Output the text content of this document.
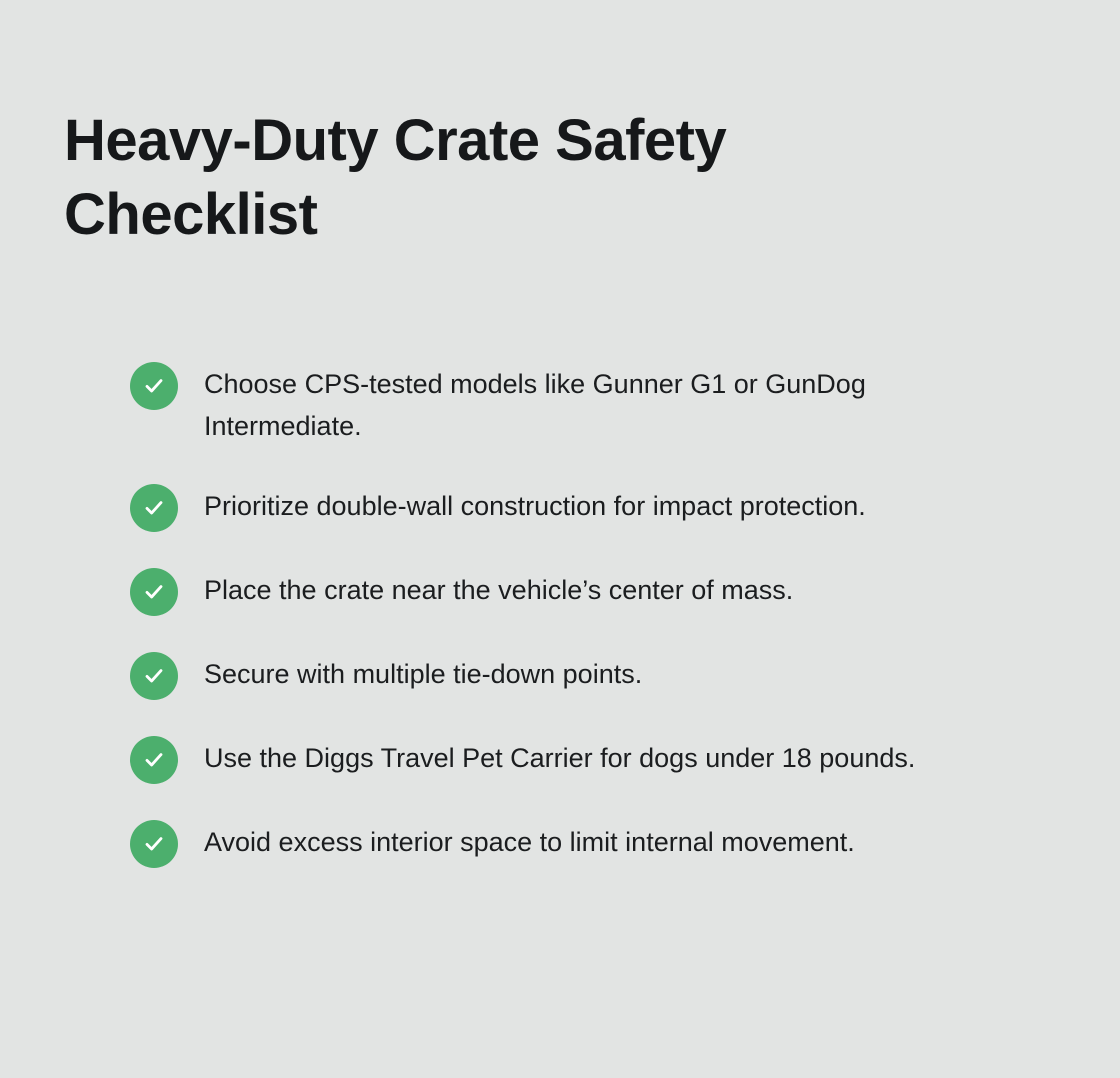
Heavy-Duty Crate Safety Checklist
Choose CPS-tested models like Gunner G1 or GunDog Intermediate.
Prioritize double-wall construction for impact protection.
Place the crate near the vehicle’s center of mass.
Secure with multiple tie-down points.
Use the Diggs Travel Pet Carrier for dogs under 18 pounds.
Avoid excess interior space to limit internal movement.
